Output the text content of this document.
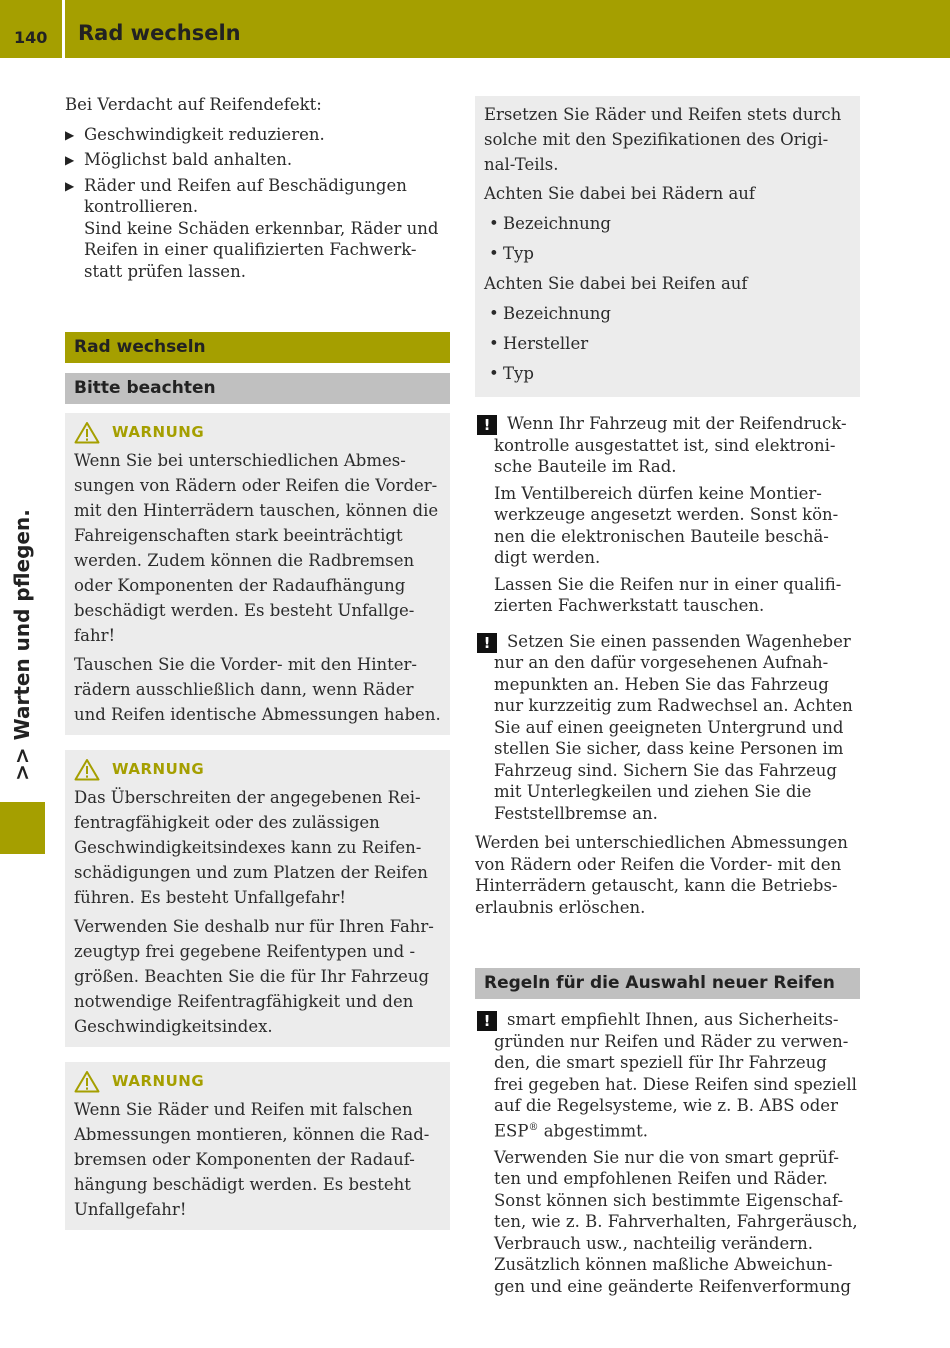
140 Rad wechseln
>> Warten und pflegen.

Bei Verdacht auf Reifendefekt:

▶ Geschwindigkeit reduzieren.
▶ Möglichst bald anhalten.
▶ Räder und Reifen auf Beschädigungen kontrollieren.
Sind keine Schäden erkennbar, Räder und Reifen in einer qualifizierten Fachwerk-statt prüfen lassen.
Rad wechseln
Bitte beachten
WARNUNG

Wenn Sie bei unterschiedlichen Abmes-sungen von Rädern oder Reifen die Vorder- mit den Hinterrädern tauschen, können die Fahreigenschaften stark beeinträchtigt werden. Zudem können die Radbremsen oder Komponenten der Radaufhängung beschädigt werden. Es besteht Unfallge-fahr!

Tauschen Sie die Vorder- mit den Hinter-rädern ausschließlich dann, wenn Räder und Reifen identische Abmessungen haben.

WARNUNG

Das Überschreiten der angegebenen Rei-fentragfähigkeit oder des zulässigen Geschwindigkeitsindexes kann zu Reifen-schädigungen und zum Platzen der Reifen führen. Es besteht Unfallgefahr!

Verwenden Sie deshalb nur für Ihren Fahr-zeugtyp frei gegebene Reifentypen und -größen. Beachten Sie die für Ihr Fahrzeug notwendige Reifentragfähigkeit und den Geschwindigkeitsindex.

WARNUNG

Wenn Sie Räder und Reifen mit falschen Abmessungen montieren, können die Rad-bremsen oder Komponenten der Radauf-hängung beschädigt werden. Es besteht Unfallgefahr!

Ersetzen Sie Räder und Reifen stets durch solche mit den Spezifikationen des Origi-nal-Teils.

Achten Sie dabei bei Rädern auf

• Bezeichnung
• Typ

Achten Sie dabei bei Reifen auf

• Bezeichnung
• Hersteller
• Typ
!	Wenn Ihr Fahrzeug mit der Reifendruck-kontrolle ausgestattet ist, sind elektroni-sche Bauteile im Rad.

Im Ventilbereich dürfen keine Montier-werkzeuge angesetzt werden. Sonst kön-nen die elektronischen Bauteile beschä-digt werden.

Lassen Sie die Reifen nur in einer qualifi-zierten Fachwerkstatt tauschen.

!	Setzen Sie einen passenden Wagenheber nur an den dafür vorgesehenen Aufnah-mepunkten an. Heben Sie das Fahrzeug nur kurzzeitig zum Radwechsel an. Achten Sie auf einen geeigneten Untergrund und stellen Sie sicher, dass keine Personen im Fahrzeug sind. Sichern Sie das Fahrzeug mit Unterlegkeilen und ziehen Sie die Feststellbremse an.

Werden bei unterschiedlichen Abmessungen von Rädern oder Reifen die Vorder- mit den Hinterrädern getauscht, kann die Betriebs-erlaubnis erlöschen.

Regeln für die Auswahl neuer Reifen
!	smart empfiehlt Ihnen, aus Sicherheits-gründen nur Reifen und Räder zu verwen-den, die smart speziell für Ihr Fahrzeug frei gegeben hat. Diese Reifen sind speziell auf die Regelsysteme, wie z. B. ABS oder ESP® abgestimmt.

Verwenden Sie nur die von smart geprüf-ten und empfohlenen Reifen und Räder. Sonst können sich bestimmte Eigenschaf-ten, wie z. B. Fahrverhalten, Fahrgeräusch, Verbrauch usw., nachteilig verändern. Zusätzlich können maßliche Abweichun-gen und eine geänderte Reifenverformung
